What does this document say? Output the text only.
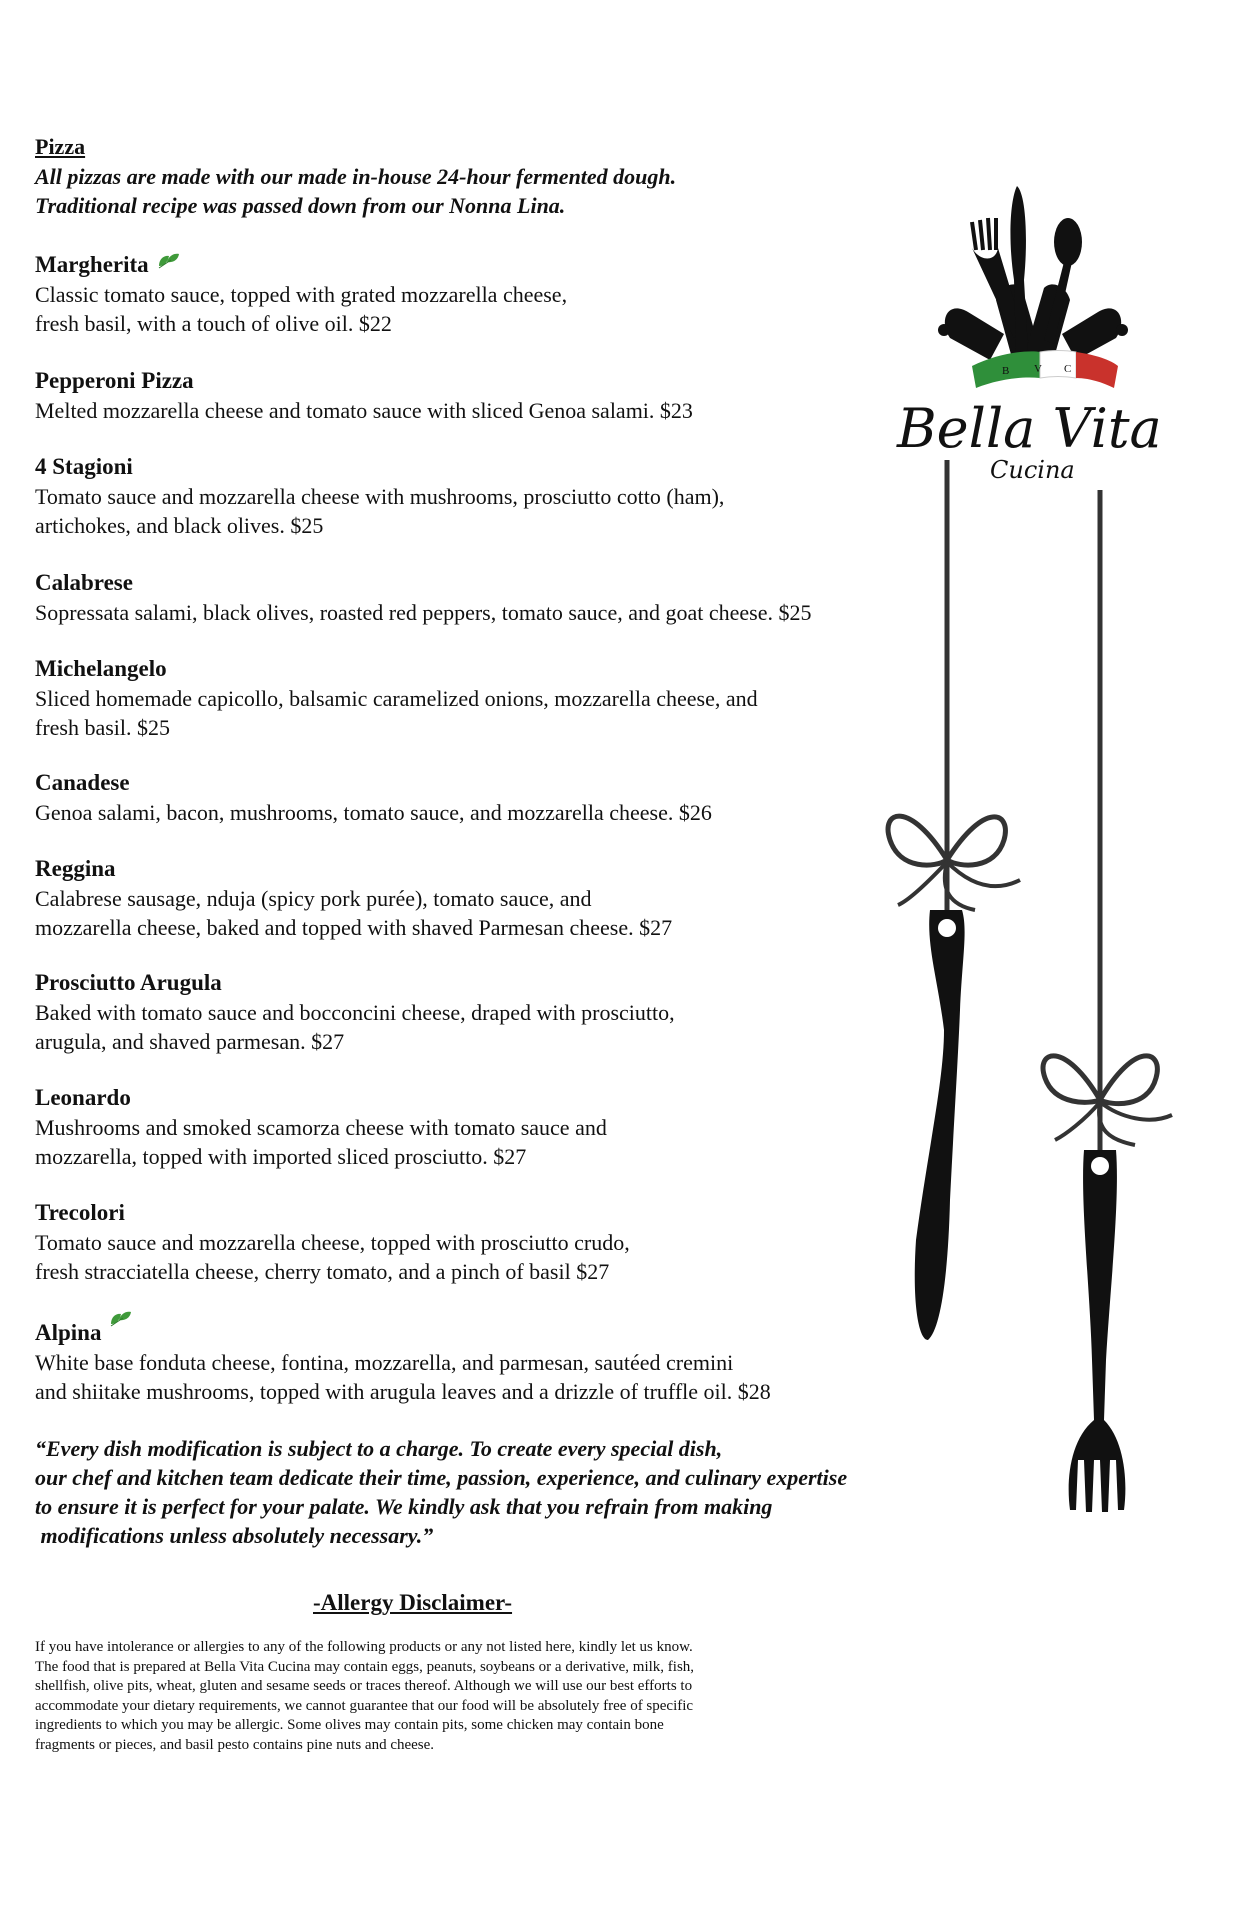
Pizza
All pizzas are made with our made in-house 24-hour fermented dough.
Traditional recipe was passed down from our Nonna Lina.
Margherita
Classic tomato sauce, topped with grated mozzarella cheese,
fresh basil, with a touch of olive oil. $22
Pepperoni Pizza
Melted mozzarella cheese and tomato sauce with sliced Genoa salami. $23
4 Stagioni
Tomato sauce and mozzarella cheese with mushrooms, prosciutto cotto (ham),
artichokes, and black olives. $25
Calabrese
Sopressata salami, black olives, roasted red peppers, tomato sauce, and goat cheese. $25
Michelangelo
Sliced homemade capicollo, balsamic caramelized onions, mozzarella cheese, and
fresh basil. $25
Canadese
Genoa salami, bacon, mushrooms, tomato sauce, and mozzarella cheese. $26
Reggina
Calabrese sausage, nduja (spicy pork purée), tomato sauce, and
mozzarella cheese, baked and topped with shaved Parmesan cheese. $27
Prosciutto Arugula
Baked with tomato sauce and bocconcini cheese, draped with prosciutto,
arugula, and shaved parmesan. $27
Leonardo
Mushrooms and smoked scamorza cheese with tomato sauce and
mozzarella, topped with imported sliced prosciutto. $27
Trecolori
Tomato sauce and mozzarella cheese, topped with prosciutto crudo,
fresh stracciatella cheese, cherry tomato, and a pinch of basil $27
Alpina
White base fonduta cheese, fontina, mozzarella, and parmesan, sautéed cremini
and shiitake mushrooms, topped with arugula leaves and a drizzle of truffle oil. $28
“Every dish modification is subject to a charge. To create every special dish,
our chef and kitchen team dedicate their time, passion, experience, and culinary expertise
to ensure it is perfect for your palate. We kindly ask that you refrain from making
modifications unless absolutely necessary.”
-Allergy Disclaimer-
If you have intolerance or allergies to any of the following products or any not listed here, kindly let us know.
The food that is prepared at Bella Vita Cucina may contain eggs, peanuts, soybeans or a derivative, milk, fish,
shellfish, olive pits, wheat, gluten and sesame seeds or traces thereof. Although we will use our best efforts to
accommodate your dietary requirements, we cannot guarantee that our food will be absolutely free of specific
ingredients to which you may be allergic. Some olives may contain pits, some chicken may contain bone
fragments or pieces, and basil pesto contains pine nuts and cheese.
B V C
Bella Vita
Cucina
